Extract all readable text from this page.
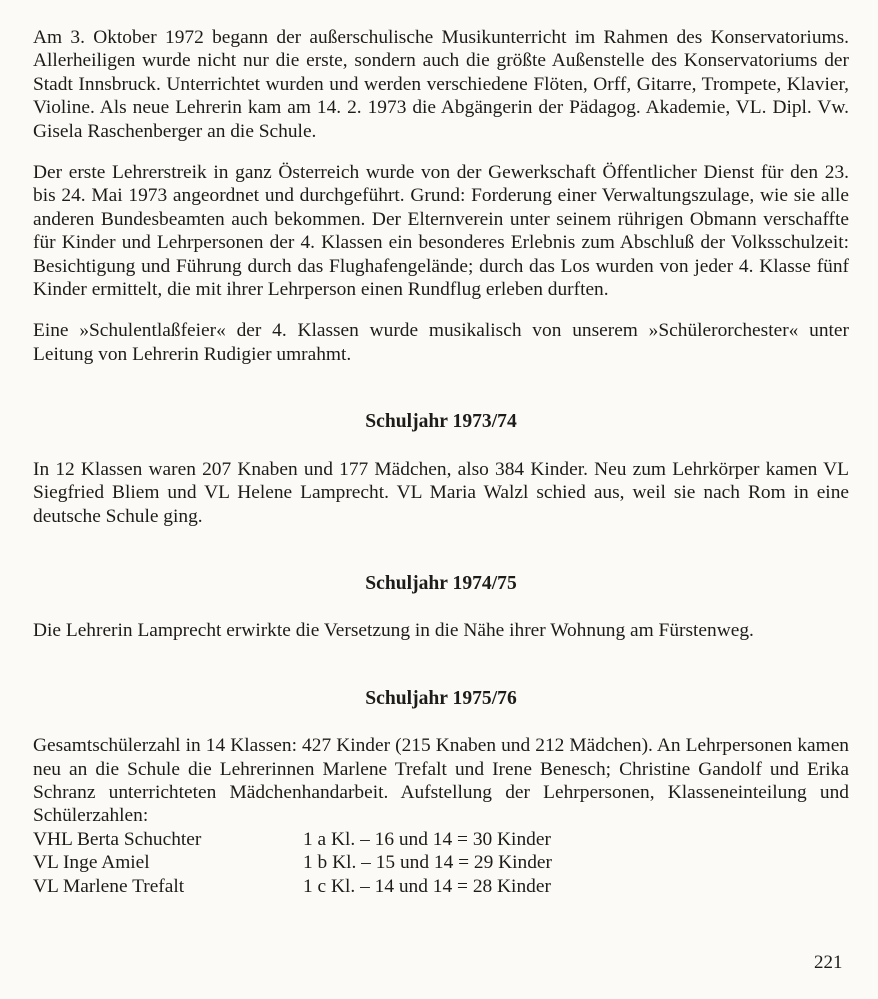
Am 3. Oktober 1972 begann der außerschulische Musikunterricht im Rahmen des Konservatoriums. Allerheiligen wurde nicht nur die erste, sondern auch die größte Außenstelle des Konservatoriums der Stadt Innsbruck. Unterrichtet wurden und werden verschiedene Flöten, Orff, Gitarre, Trompete, Klavier, Violine. Als neue Lehrerin kam am 14. 2. 1973 die Abgängerin der Pädagog. Akademie, VL. Dipl. Vw. Gisela Raschenberger an die Schule.

Der erste Lehrerstreik in ganz Österreich wurde von der Gewerkschaft Öffentlicher Dienst für den 23. bis 24. Mai 1973 angeordnet und durchgeführt. Grund: Forderung einer Verwaltungszulage, wie sie alle anderen Bundesbeamten auch bekommen. Der Elternverein unter seinem rührigen Obmann verschaffte für Kinder und Lehrpersonen der 4. Klassen ein besonderes Erlebnis zum Abschluß der Volksschulzeit: Besichtigung und Führung durch das Flughafengelände; durch das Los wurden von jeder 4. Klasse fünf Kinder ermittelt, die mit ihrer Lehrperson einen Rundflug erleben durften.

Eine »Schulentlaßfeier« der 4. Klassen wurde musikalisch von unserem »Schülerorchester« unter Leitung von Lehrerin Rudigier umrahmt.

Schuljahr 1973/74

In 12 Klassen waren 207 Knaben und 177 Mädchen, also 384 Kinder. Neu zum Lehrkörper kamen VL Siegfried Bliem und VL Helene Lamprecht. VL Maria Walzl schied aus, weil sie nach Rom in eine deutsche Schule ging.

Schuljahr 1974/75

Die Lehrerin Lamprecht erwirkte die Versetzung in die Nähe ihrer Wohnung am Fürstenweg.

Schuljahr 1975/76

Gesamtschülerzahl in 14 Klassen: 427 Kinder (215 Knaben und 212 Mädchen). An Lehrpersonen kamen neu an die Schule die Lehrerinnen Marlene Trefalt und Irene Benesch; Christine Gandolf und Erika Schranz unterrichteten Mädchenhandarbeit. Aufstellung der Lehrpersonen, Klasseneinteilung und Schülerzahlen:

VHL Berta Schuchter	1 a Kl. – 16 und 14 = 30 Kinder
VL Inge Amiel	1 b Kl. – 15 und 14 = 29 Kinder
VL Marlene Trefalt	1 c Kl. – 14 und 14 = 28 Kinder
221
